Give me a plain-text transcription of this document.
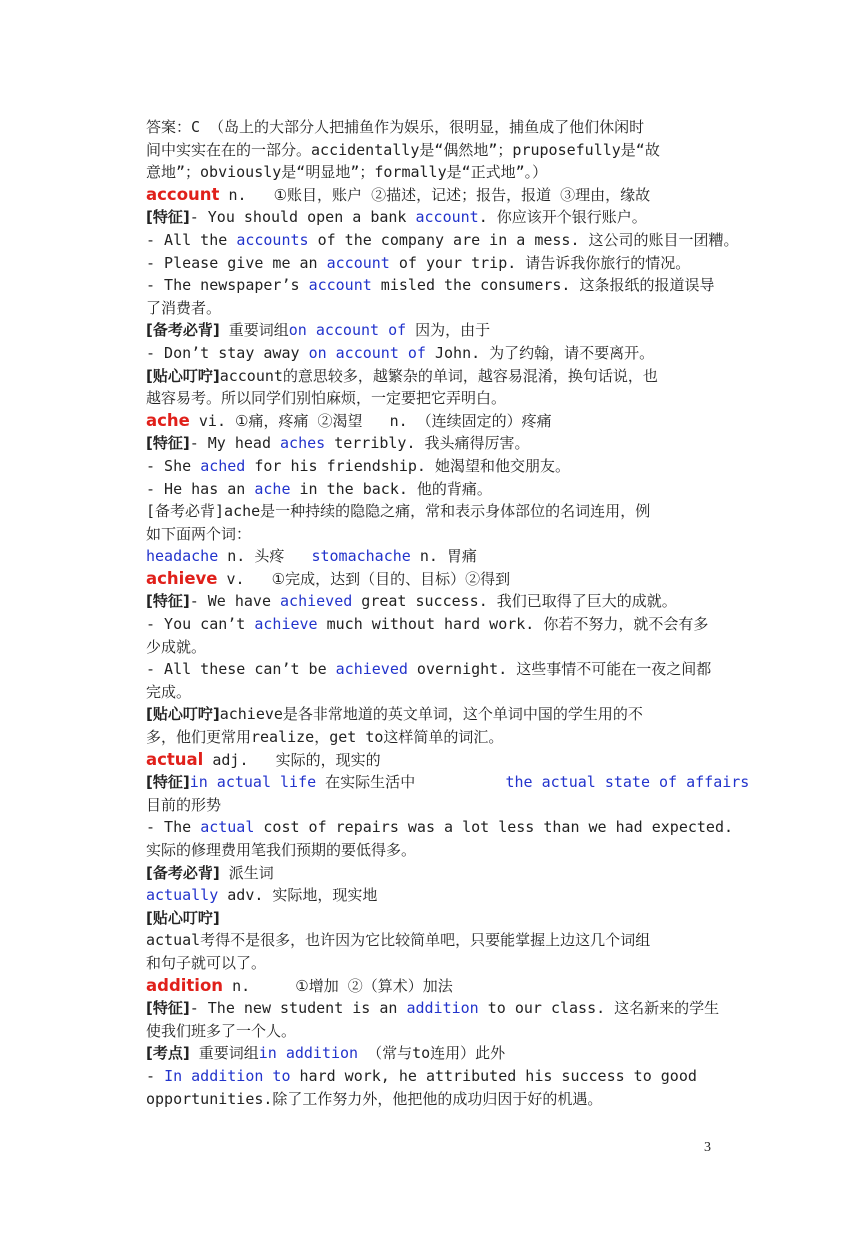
答案：C （岛上的大部分人把捕鱼作为娱乐，很明显，捕鱼成了他们休闲时
间中实实在在的一部分。accidentally是“偶然地”；pruposefully是“故
意地”；obviously是“明显地”；formally是“正式地”。）
account n.   ①账目，账户 ②描述，记述；报告，报道 ③理由，缘故
[特征]- You should open a bank account. 你应该开个银行账户。
- All the accounts of the company are in a mess. 这公司的账目一团糟。
- Please give me an account of your trip. 请告诉我你旅行的情况。
- The newspaper’s account misled the consumers. 这条报纸的报道误导
了消费者。
[备考必背] 重要词组on account of 因为，由于
- Don’t stay away on account of John. 为了约翰，请不要离开。
[贴心叮咛]account的意思较多，越繁杂的单词，越容易混淆，换句话说，也
越容易考。所以同学们别怕麻烦，一定要把它弄明白。
ache vi. ①痛，疼痛 ②渴望   n. （连续固定的）疼痛
[特征]- My head aches terribly. 我头痛得厉害。
- She ached for his friendship. 她渴望和他交朋友。
- He has an ache in the back. 他的背痛。
[备考必背]ache是一种持续的隐隐之痛，常和表示身体部位的名词连用，例
如下面两个词：
headache n. 头疼   stomachache n. 胃痛
achieve v.   ①完成，达到（目的、目标）②得到
[特征]- We have achieved great success. 我们已取得了巨大的成就。
- You can’t achieve much without hard work. 你若不努力，就不会有多
少成就。
- All these can’t be achieved overnight. 这些事情不可能在一夜之间都
完成。
[贴心叮咛]achieve是各非常地道的英文单词，这个单词中国的学生用的不
多，他们更常用realize，get to这样简单的词汇。
actual adj.   实际的，现实的
[特征]in actual life 在实际生活中          the actual state of affairs
目前的形势
- The actual cost of repairs was a lot less than we had expected.
实际的修理费用笔我们预期的要低得多。
[备考必背] 派生词
actually adv. 实际地，现实地
[贴心叮咛]
actual考得不是很多，也许因为它比较简单吧，只要能掌握上边这几个词组
和句子就可以了。
addition n.     ①增加 ②（算术）加法
[特征]- The new student is an addition to our class. 这名新来的学生
使我们班多了一个人。
[考点] 重要词组in addition （常与to连用）此外
- In addition to hard work, he attributed his success to good
opportunities.除了工作努力外，他把他的成功归因于好的机遇。
3
